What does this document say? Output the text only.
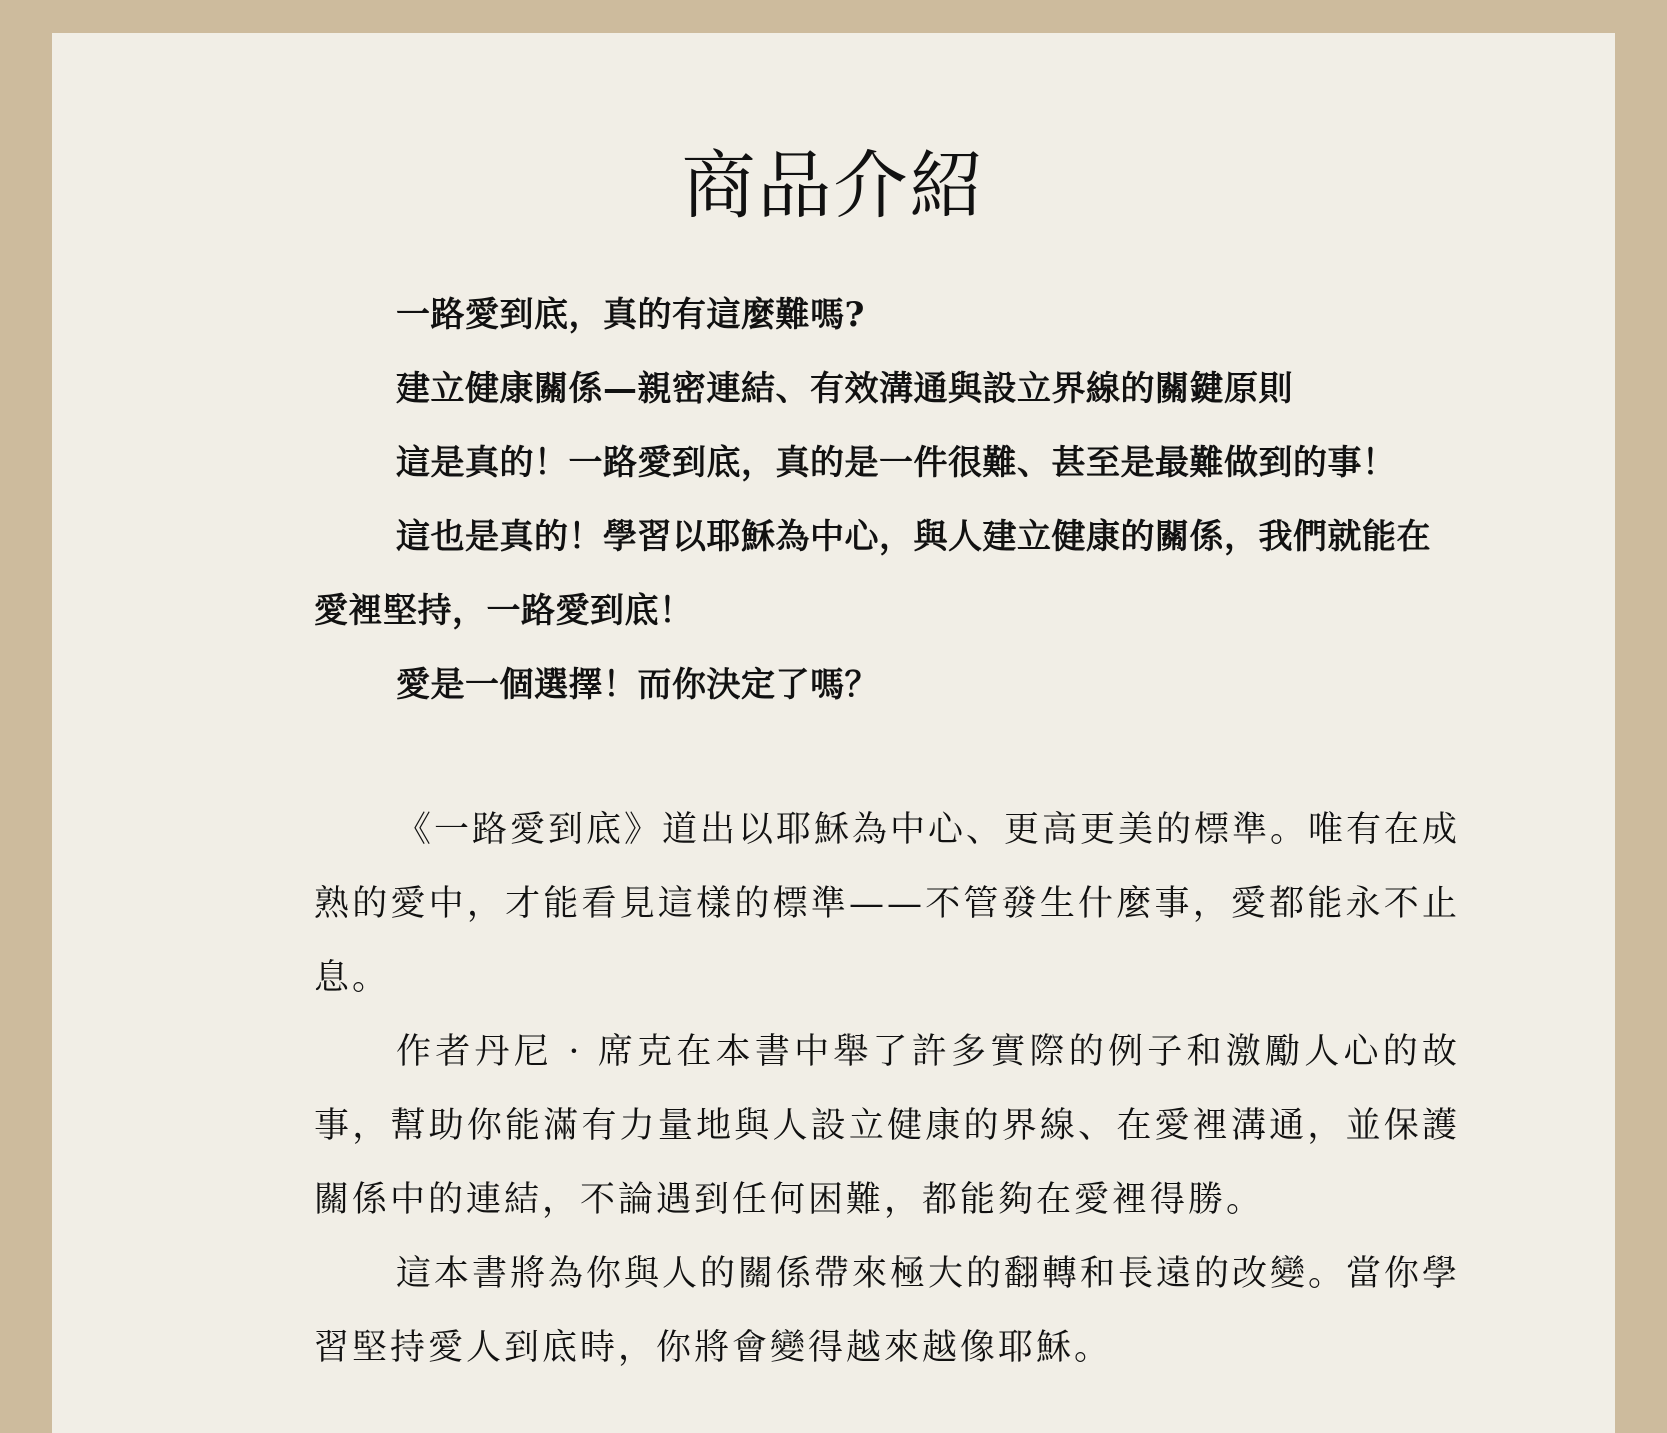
商品介紹

一路愛到底，真的有這麼難嗎?

建立健康關係—親密連結、有效溝通與設立界線的關鍵原則

這是真的！一路愛到底，真的是一件很難、甚至是最難做到的事！

這也是真的！學習以耶穌為中心，與人建立健康的關係，我們就能在愛裡堅持，一路愛到底！

愛是一個選擇！而你決定了嗎？

《一路愛到底》道出以耶穌為中心、更高更美的標準。唯有在成熟的愛中，才能看見這樣的標準——不管發生什麼事，愛都能永不止息。

作者丹尼 · 席克在本書中舉了許多實際的例子和激勵人心的故事，幫助你能滿有力量地與人設立健康的界線、在愛裡溝通，並保護關係中的連結，不論遇到任何困難，都能夠在愛裡得勝。

這本書將為你與人的關係帶來極大的翻轉和長遠的改變。當你學習堅持愛人到底時，你將會變得越來越像耶穌。
